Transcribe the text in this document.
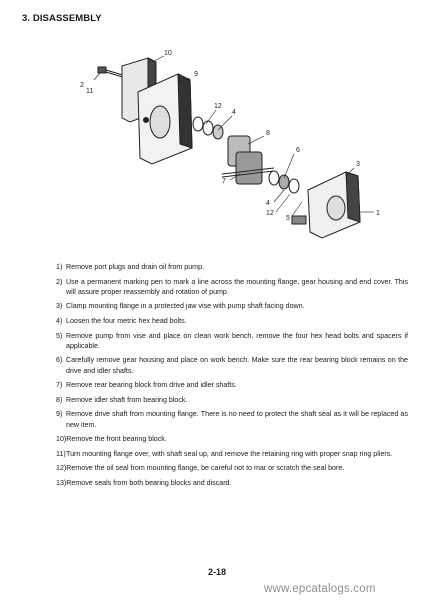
3. DISASSEMBLY
10
9
2
11
12
4
8
6
7
3
4
12
5
1
1) Remove port plugs and drain oil from pump.
2) Use a permanent marking pen to mark a line across the mounting flange, gear housing and end cover. This will assure proper reassembly and rotation of pump.
3) Clamp mounting flange in a protected jaw vise with pump shaft facing down.
4) Loosen the four metric hex head bolts.
5) Remove pump from vise and place on clean work bench, remove the four hex head bolts and spacers if applicable.
6) Carefully remove gear housing and place on work bench. Make sure the rear bearing block remains on the drive and idler shafts.
7) Remove rear bearing block from drive and idler shafts.
8) Remove idler shaft from bearing block.
9) Remove drive shaft from mounting flange. There is no need to protect the shaft seal as it will be replaced as new item.
10) Remove the front bearing block.
11) Turn mounting flange over, with shaft seal up, and remove the retaining ring with proper snap ring pliers.
12) Remove the oil seal from mounting flange, be careful not to mar or scratch the seal bore.
13) Remove seals from both bearing blocks and discard.
2-18
www.epcatalogs.com
